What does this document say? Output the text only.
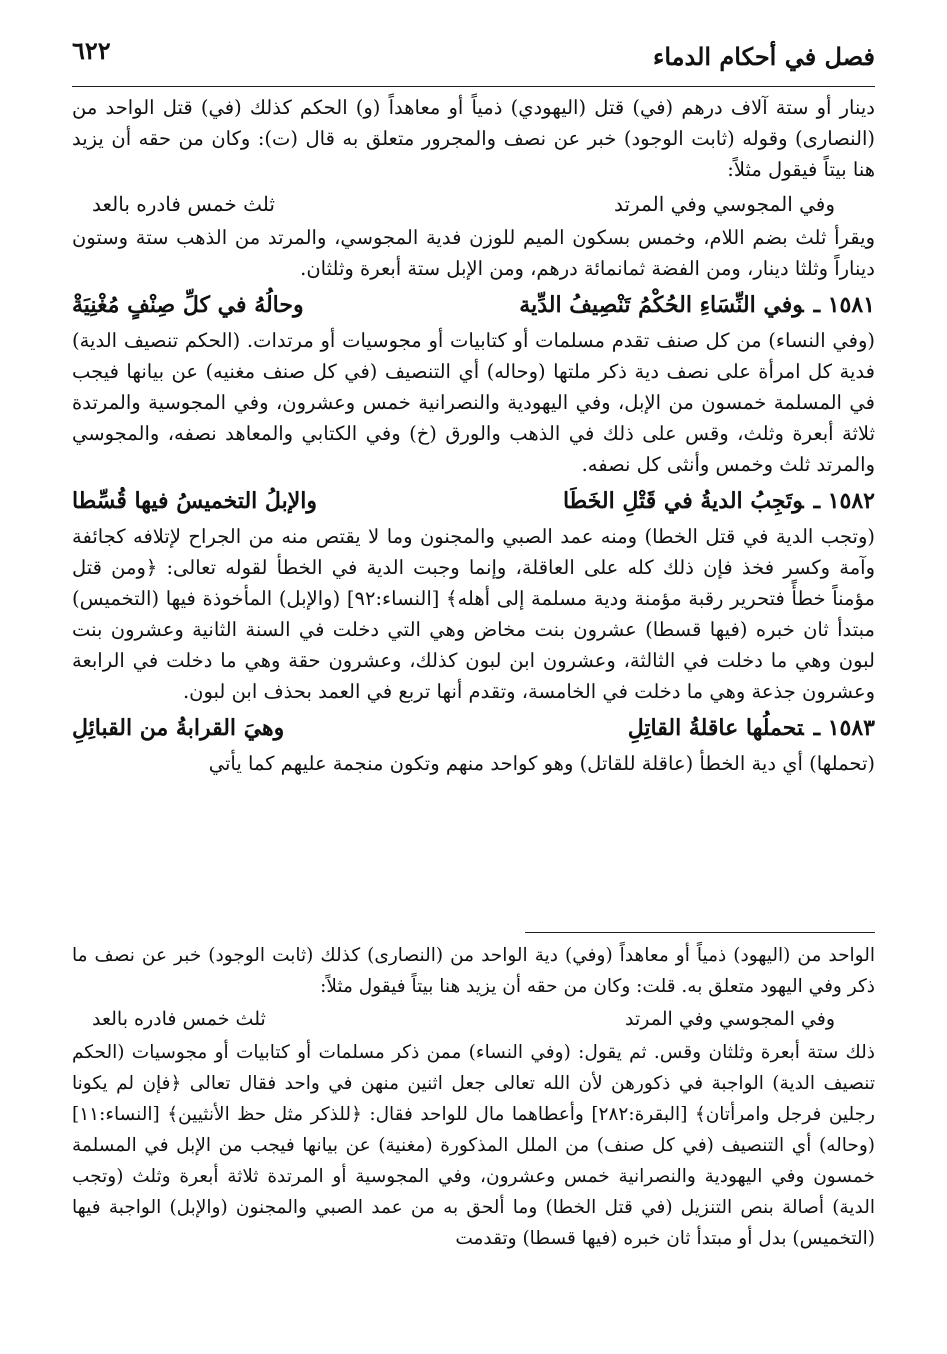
فصل في أحكام الدماء
٦٢٢

دينار أو ستة آلاف درهم (في) قتل (اليهودي) ذمياً أو معاهداً (و) الحكم كذلك (في) قتل الواحد من (النصارى) وقوله (ثابت الوجود) خبر عن نصف والمجرور متعلق به قال (ت): وكان من حقه أن يزيد هنا بيتاً فيقول مثلاً:

وفي المجوسي وفي المرتد
ثلث خمس فادره بالعد

ويقرأ ثلث بضم اللام، وخمس بسكون الميم للوزن فدية المجوسي، والمرتد من الذهب ستة وستون ديناراً وثلثا دينار، ومن الفضة ثمانمائة درهم، ومن الإبل ستة أبعرة وثلثان.

١٥٨١ ـوفي النِّسَاءِ الحُكْمُ تَنْصِيفُ الدِّية
وحالُهُ في كلِّ صِنْفٍ مُغْنِيَةْ

(وفي النساء) من كل صنف تقدم مسلمات أو كتابيات أو مجوسيات أو مرتدات. (الحكم تنصيف الدية) فدية كل امرأة على نصف دية ذكر ملتها (وحاله) أي التنصيف (في كل صنف مغنيه) عن بيانها فيجب في المسلمة خمسون من الإبل، وفي اليهودية والنصرانية خمس وعشرون، وفي المجوسية والمرتدة ثلاثة أبعرة وثلث، وقس على ذلك في الذهب والورق (خ) وفي الكتابي والمعاهد نصفه، والمجوسي والمرتد ثلث وخمس وأنثى كل نصفه.

١٥٨٢ ـوتَجِبُ الديةُ في قَتْلِ الخَطَا
والإبلُ التخميسُ فيها قُسِّطا

(وتجب الدية في قتل الخطا) ومنه عمد الصبي والمجنون وما لا يقتص منه من الجراح لإتلافه كجائفة وآمة وكسر فخذ فإن ذلك كله على العاقلة، وإنما وجبت الدية في الخطأ لقوله تعالى: ﴿ومن قتل مؤمناً خطأً فتحرير رقبة مؤمنة ودية مسلمة إلى أهله﴾ [النساء:٩٢] (والإبل) المأخوذة فيها (التخميس) مبتدأ ثان خبره (فيها قسطا) عشرون بنت مخاض وهي التي دخلت في السنة الثانية وعشرون بنت لبون وهي ما دخلت في الثالثة، وعشرون ابن لبون كذلك، وعشرون حقة وهي ما دخلت في الرابعة وعشرون جذعة وهي ما دخلت في الخامسة، وتقدم أنها تربع في العمد بحذف ابن لبون.

١٥٨٣ ـتحملُها عاقلةُ القاتِلِ
وهيَ القرابةُ من القبائِلِ

(تحملها) أي دية الخطأ (عاقلة للقاتل) وهو كواحد منهم وتكون منجمة عليهم كما يأتي

الواحد من (اليهود) ذمياً أو معاهداً (وفي) دية الواحد من (النصارى) كذلك (ثابت الوجود) خبر عن نصف ما ذكر وفي اليهود متعلق به. قلت: وكان من حقه أن يزيد هنا بيتاً فيقول مثلاً:

وفي المجوسي وفي المرتد
ثلث خمس فادره بالعد

ذلك ستة أبعرة وثلثان وقس. ثم يقول: (وفي النساء) ممن ذكر مسلمات أو كتابيات أو مجوسيات (الحكم تنصيف الدية) الواجبة في ذكورهن لأن الله تعالى جعل اثنين منهن في واحد فقال تعالى ﴿فإن لم يكونا رجلين فرجل وامرأتان﴾ [البقرة:٢٨٢] وأعطاهما مال للواحد فقال: ﴿للذكر مثل حظ الأنثيين﴾ [النساء:١١] (وحاله) أي التنصيف (في كل صنف) من الملل المذكورة (مغنية) عن بيانها فيجب من الإبل في المسلمة خمسون وفي اليهودية والنصرانية خمس وعشرون، وفي المجوسية أو المرتدة ثلاثة أبعرة وثلث (وتجب الدية) أصالة بنص التنزيل (في قتل الخطا) وما ألحق به من عمد الصبي والمجنون (والإبل) الواجبة فيها (التخميس) بدل أو مبتدأ ثان خبره (فيها قسطا) وتقدمت
